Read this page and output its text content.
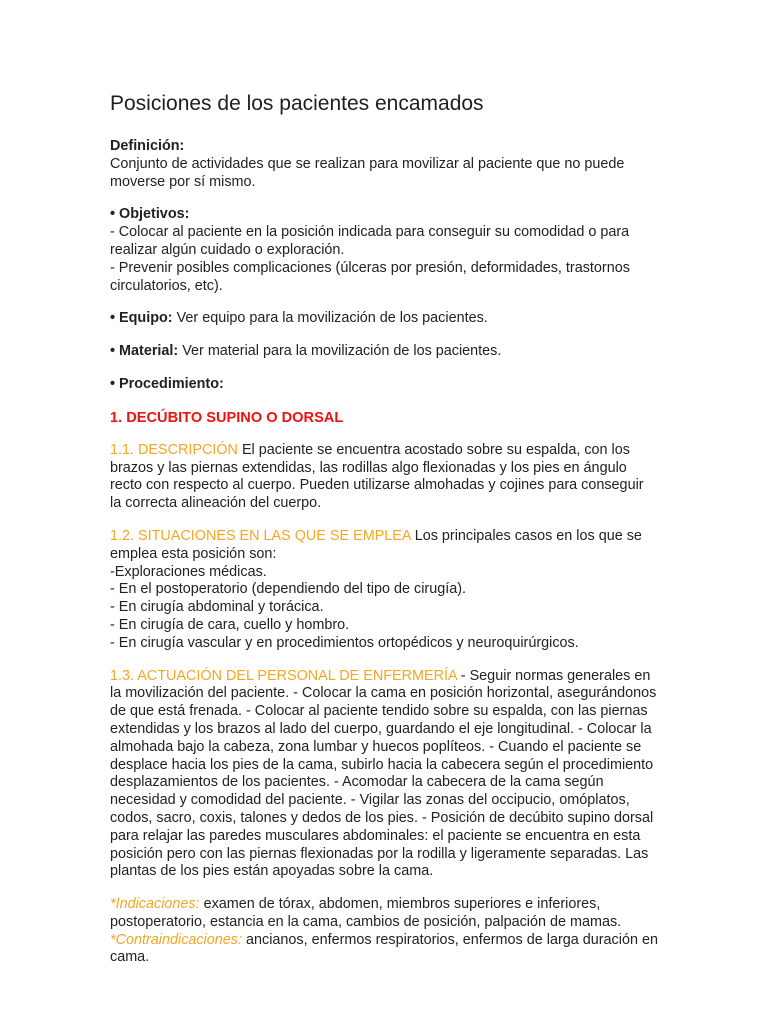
Posiciones de los pacientes encamados

Definición:

Conjunto de actividades que se realizan para movilizar al paciente que no puede moverse por sí mismo.

• Objetivos:

- Colocar al paciente en la posición indicada para conseguir su comodidad o para realizar algún cuidado o exploración.

- Prevenir posibles complicaciones (úlceras por presión, deformidades, trastornos circulatorios, etc).

• Equipo: Ver equipo para la movilización de los pacientes.

• Material: Ver material para la movilización de los pacientes.

• Procedimiento:

1. DECÚBITO SUPINO O DORSAL

1.1. DESCRIPCIÓN El paciente se encuentra acostado sobre su espalda, con los brazos y las piernas extendidas, las rodillas algo flexionadas y los pies en ángulo recto con respecto al cuerpo. Pueden utilizarse almohadas y cojines para conseguir la correcta alineación del cuerpo.

1.2. SITUACIONES EN LAS QUE SE EMPLEA Los principales casos en los que se emplea esta posición son:

-Exploraciones médicas.

- En el postoperatorio (dependiendo del tipo de cirugía).

- En cirugía abdominal y torácica.

- En cirugía de cara, cuello y hombro.

- En cirugía vascular y en procedimientos ortopédicos y neuroquirúrgicos.

1.3. ACTUACIÓN DEL PERSONAL DE ENFERMERÍA - Seguir normas generales en la movilización del paciente. - Colocar la cama en posición horizontal, asegurándonos de que está frenada. - Colocar al paciente tendido sobre su espalda, con las piernas extendidas y los brazos al lado del cuerpo, guardando el eje longitudinal. - Colocar la almohada bajo la cabeza, zona lumbar y huecos poplíteos. - Cuando el paciente se desplace hacia los pies de la cama, subirlo hacia la cabecera según el procedimiento desplazamientos de los pacientes. - Acomodar la cabecera de la cama según necesidad y comodidad del paciente. - Vigilar las zonas del occipucio, omóplatos, codos, sacro, coxis, talones y dedos de los pies. - Posición de decúbito supino dorsal para relajar las paredes musculares abdominales: el paciente se encuentra en esta posición pero con las piernas flexionadas por la rodilla y ligeramente separadas. Las plantas de los pies están apoyadas sobre la cama.

*Indicaciones: examen de tórax, abdomen, miembros superiores e inferiores, postoperatorio, estancia en la cama, cambios de posición, palpación de mamas. *Contraindicaciones: ancianos, enfermos respiratorios, enfermos de larga duración en cama.
